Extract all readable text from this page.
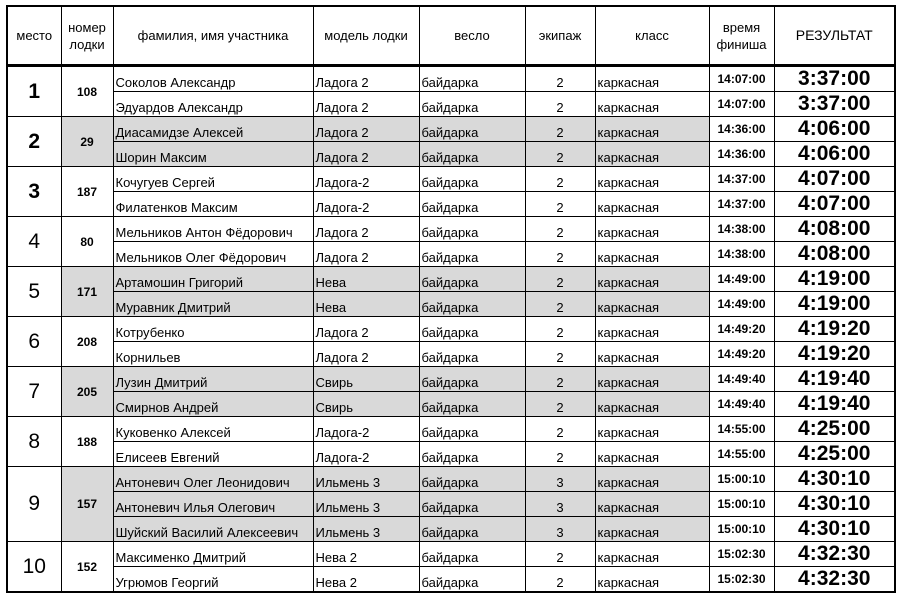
место	номер лодки	фамилия, имя участника	модель лодки	весло	экипаж	класс	время финиша	РЕЗУЛЬТАТ
1	108	Соколов Александр	Ладога 2	байдарка	2	каркасная	14:07:00	3:37:00
		Эдуардов Александр	Ладога 2	байдарка	2	каркасная	14:07:00	3:37:00
2	29	Диасамидзе Алексей	Ладога 2	байдарка	2	каркасная	14:36:00	4:06:00
		Шорин Максим	Ладога 2	байдарка	2	каркасная	14:36:00	4:06:00
3	187	Кочугуев Сергей	Ладога-2	байдарка	2	каркасная	14:37:00	4:07:00
		Филатенков Максим	Ладога-2	байдарка	2	каркасная	14:37:00	4:07:00
4	80	Мельников Антон Фёдорович	Ладога 2	байдарка	2	каркасная	14:38:00	4:08:00
		Мельников Олег Фёдорович	Ладога 2	байдарка	2	каркасная	14:38:00	4:08:00
5	171	Артамошин Григорий	Нева	байдарка	2	каркасная	14:49:00	4:19:00
		Муравник Дмитрий	Нева	байдарка	2	каркасная	14:49:00	4:19:00
6	208	Котрубенко	Ладога 2	байдарка	2	каркасная	14:49:20	4:19:20
		Корнильев	Ладога 2	байдарка	2	каркасная	14:49:20	4:19:20
7	205	Лузин Дмитрий	Свирь	байдарка	2	каркасная	14:49:40	4:19:40
		Смирнов Андрей	Свирь	байдарка	2	каркасная	14:49:40	4:19:40
8	188	Куковенко Алексей	Ладога-2	байдарка	2	каркасная	14:55:00	4:25:00
		Елисеев Евгений	Ладога-2	байдарка	2	каркасная	14:55:00	4:25:00
9	157	Антоневич Олег Леонидович	Ильмень 3	байдарка	3	каркасная	15:00:10	4:30:10
		Антоневич Илья Олегович	Ильмень 3	байдарка	3	каркасная	15:00:10	4:30:10
		Шуйский Василий Алексеевич	Ильмень 3	байдарка	3	каркасная	15:00:10	4:30:10
10	152	Максименко Дмитрий	Нева 2	байдарка	2	каркасная	15:02:30	4:32:30
		Угрюмов Георгий	Нева 2	байдарка	2	каркасная	15:02:30	4:32:30
